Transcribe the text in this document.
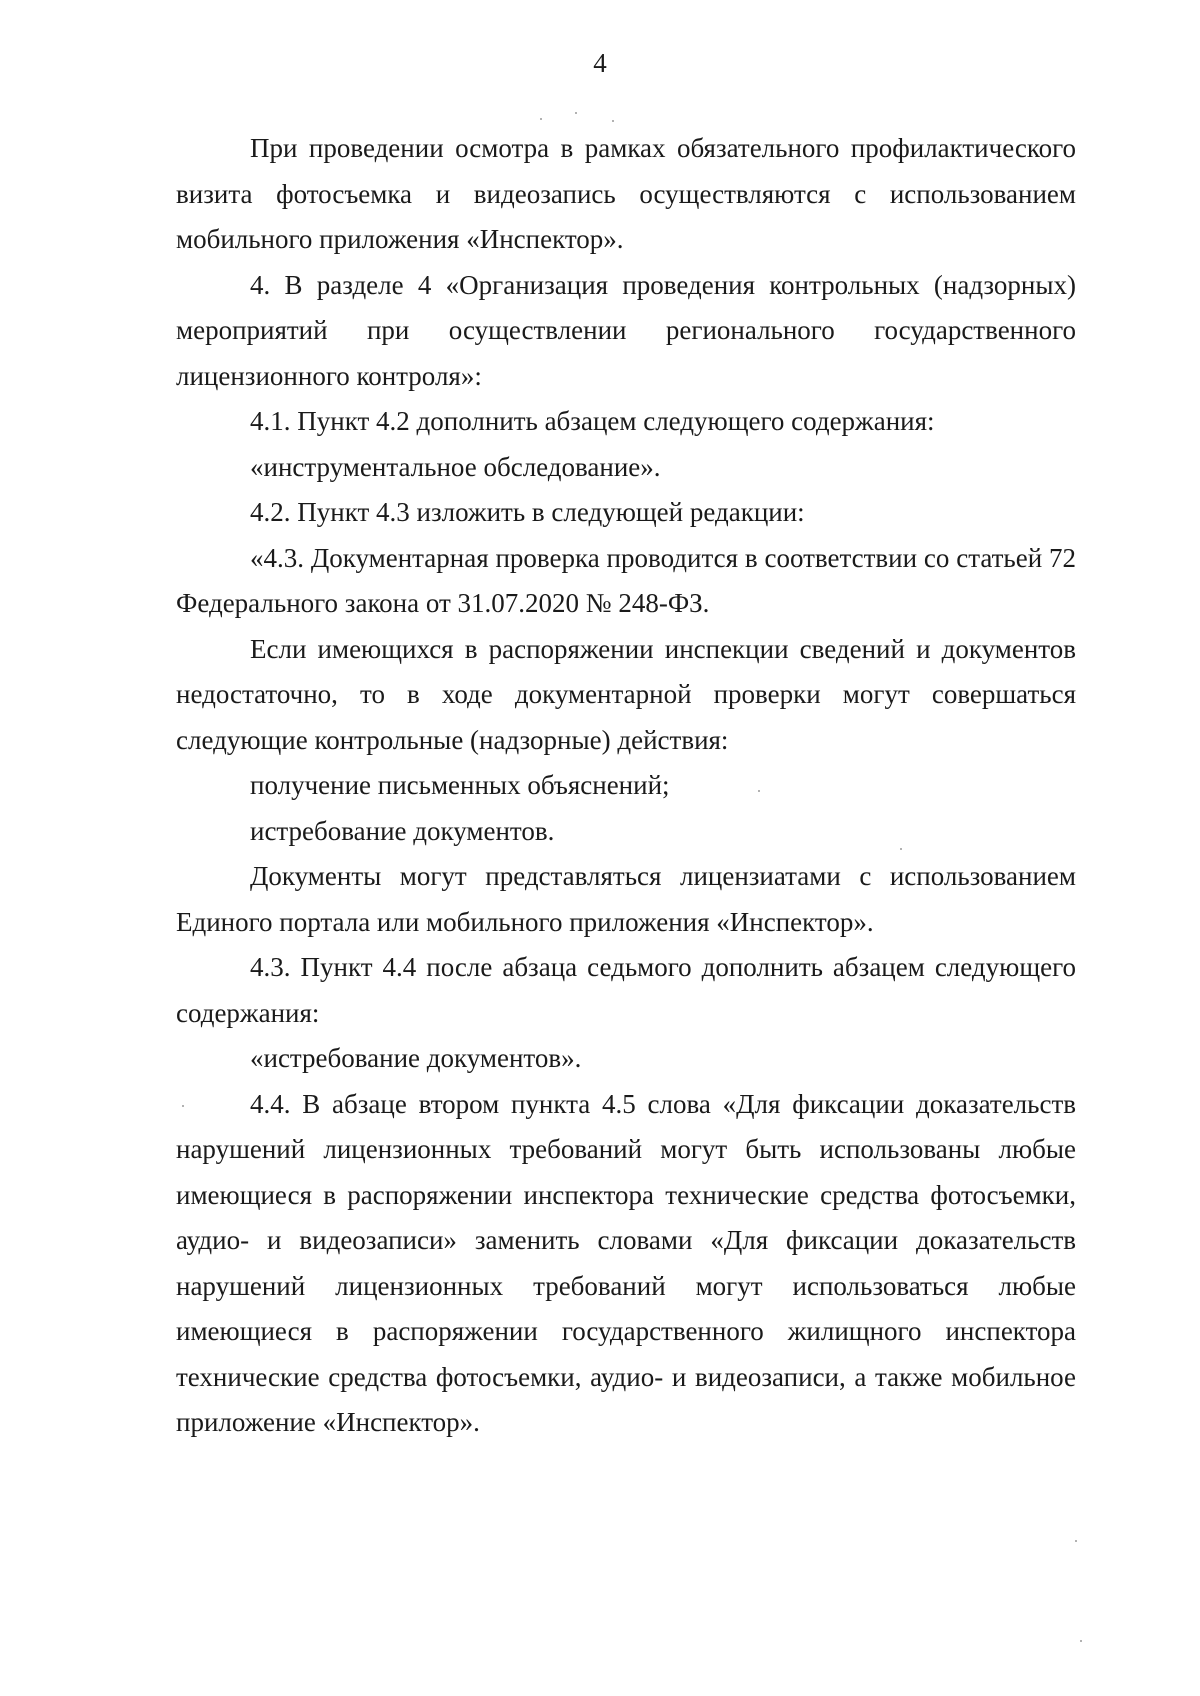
4

При проведении осмотра в рамках обязательного профилактического визита фотосъемка и видеозапись осуществляются с использованием мобильного приложения «Инспектор».

4. В разделе 4 «Организация проведения контрольных (надзорных) мероприятий при осуществлении регионального государственного лицензионного контроля»:

4.1. Пункт 4.2 дополнить абзацем следующего содержания:

«инструментальное обследование».

4.2. Пункт 4.3 изложить в следующей редакции:

«4.3. Документарная проверка проводится в соответствии со статьей 72 Федерального закона от 31.07.2020 № 248-ФЗ.

Если имеющихся в распоряжении инспекции сведений и документов недостаточно, то в ходе документарной проверки могут совершаться следующие контрольные (надзорные) действия:

получение письменных объяснений;

истребование документов.

Документы могут представляться лицензиатами с использованием Единого портала или мобильного приложения «Инспектор».

4.3. Пункт 4.4 после абзаца седьмого дополнить абзацем следующего содержания:

«истребование документов».

4.4. В абзаце втором пункта 4.5 слова «Для фиксации доказательств нарушений лицензионных требований могут быть использованы любые имеющиеся в распоряжении инспектора технические средства фотосъемки, аудио- и видеозаписи» заменить словами «Для фиксации доказательств нарушений лицензионных требований могут использоваться любые имеющиеся в распоряжении государственного жилищного инспектора технические средства фотосъемки, аудио- и видеозаписи, а также мобильное приложение «Инспектор».
